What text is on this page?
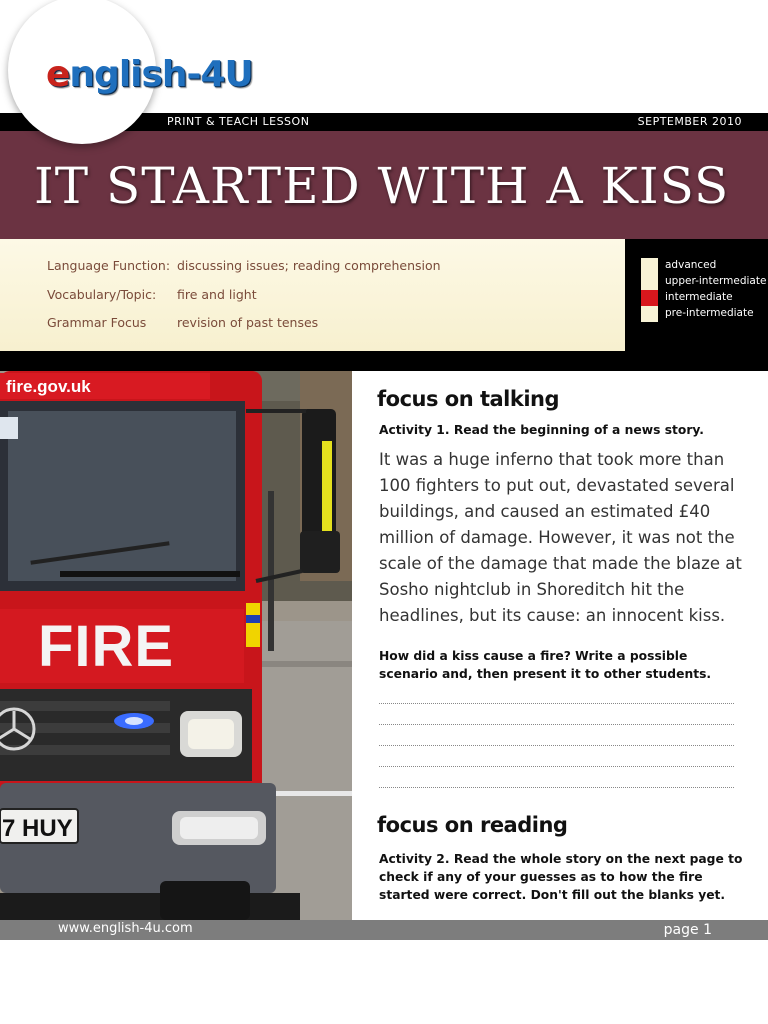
PRINT & TEACH LESSON	SEPTEMBER 2010
IT STARTED WITH A KISS
english-4U
Language Function: discussing issues; reading comprehension
Vocabulary/Topic: fire and light
Grammar Focus revision of past tenses
advanced
upper-intermediate
intermediate
pre-intermediate
fire.gov.uk
FIRE
7 HUY
focus on talking
Activity 1. Read the beginning of a news story.
It was a huge inferno that took more than 100 fighters to put out, devastated several buildings, and caused an estimated £40 million of damage. However, it was not the scale of the damage that made the blaze at Sosho nightclub in Shoreditch hit the headlines, but its cause: an innocent kiss.
How did a kiss cause a fire? Write a possible scenario and, then present it to other students.
focus on reading
Activity 2. Read the whole story on the next page to check if any of your guesses as to how the fire started were correct. Don't fill out the blanks yet.
www.english-4u.com	page 1
